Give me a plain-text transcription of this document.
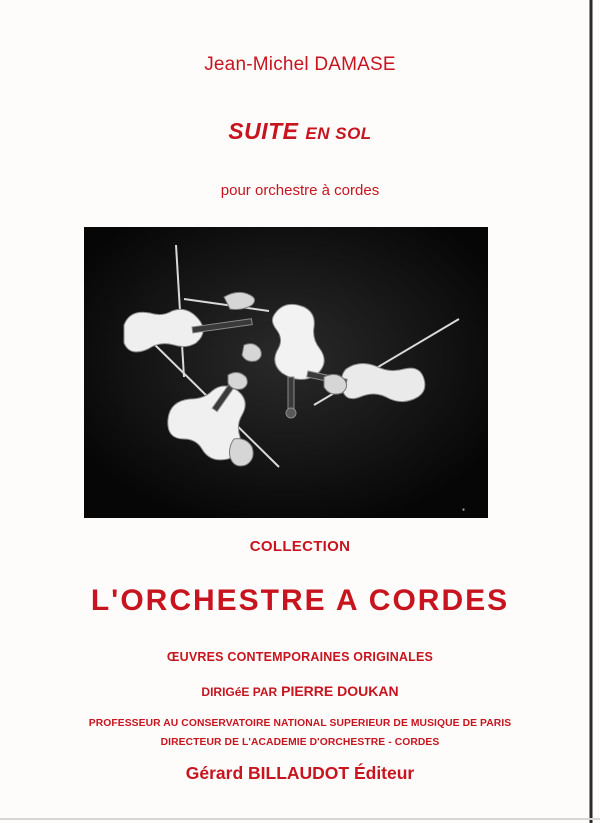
Jean-Michel DAMASE
SUITE EN SOL
pour orchestre à cordes
●
COLLECTION
L'ORCHESTRE A CORDES
ŒUVRES CONTEMPORAINES ORIGINALES
DIRIGéE PAR PIERRE DOUKAN
PROFESSEUR AU CONSERVATOIRE NATIONAL SUPERIEUR DE MUSIQUE DE PARIS
DIRECTEUR DE L'ACADEMIE D'ORCHESTRE - CORDES
Gérard BILLAUDOT Éditeur
